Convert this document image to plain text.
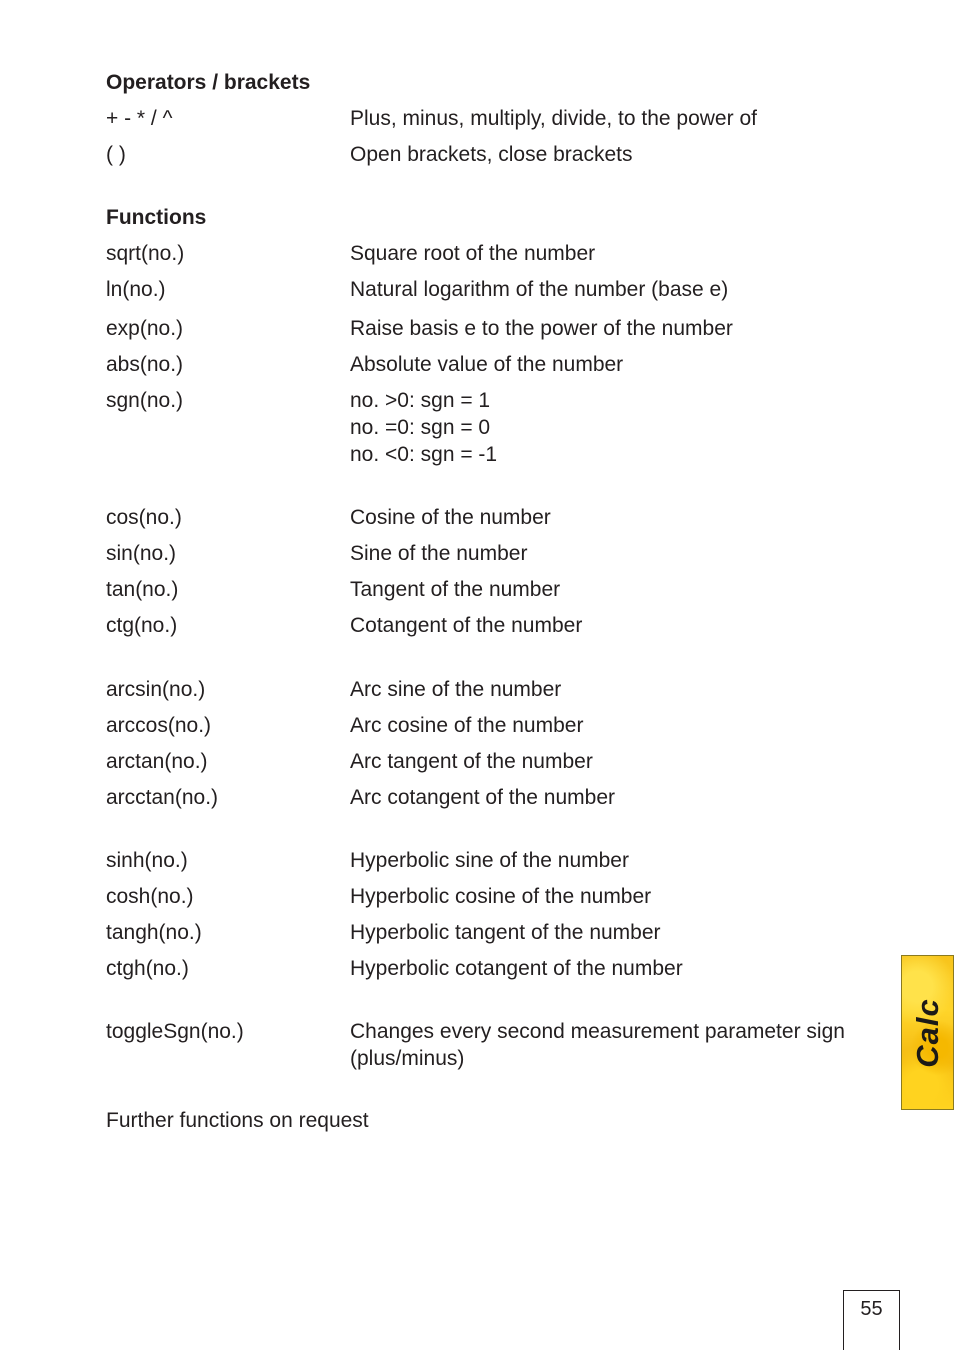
Operators / brackets
+ - * / ^	Plus, minus, multiply, divide, to the power of
( )	Open brackets, close brackets
Functions
sqrt(no.)	Square root of the number
ln(no.)	Natural logarithm of the number (base e)
exp(no.)	Raise basis e to the power of the number
abs(no.)	Absolute value of the number
sgn(no.)	no. >0: sgn = 1
no. =0: sgn = 0
no. <0: sgn = -1
cos(no.)	Cosine of the number
sin(no.)	Sine of the number
tan(no.)	Tangent of the number
ctg(no.)	Cotangent of the number
arcsin(no.)	Arc sine of the number
arccos(no.)	Arc cosine of the number
arctan(no.)	Arc tangent of the number
arcctan(no.)	Arc cotangent of the number
sinh(no.)	Hyperbolic sine of the number
cosh(no.)	Hyperbolic cosine of the number
tangh(no.)	Hyperbolic tangent of the number
ctgh(no.)	Hyperbolic cotangent of the number
toggleSgn(no.)	Changes every second measurement parameter sign
(plus/minus)
Further functions on request
Calc
55
